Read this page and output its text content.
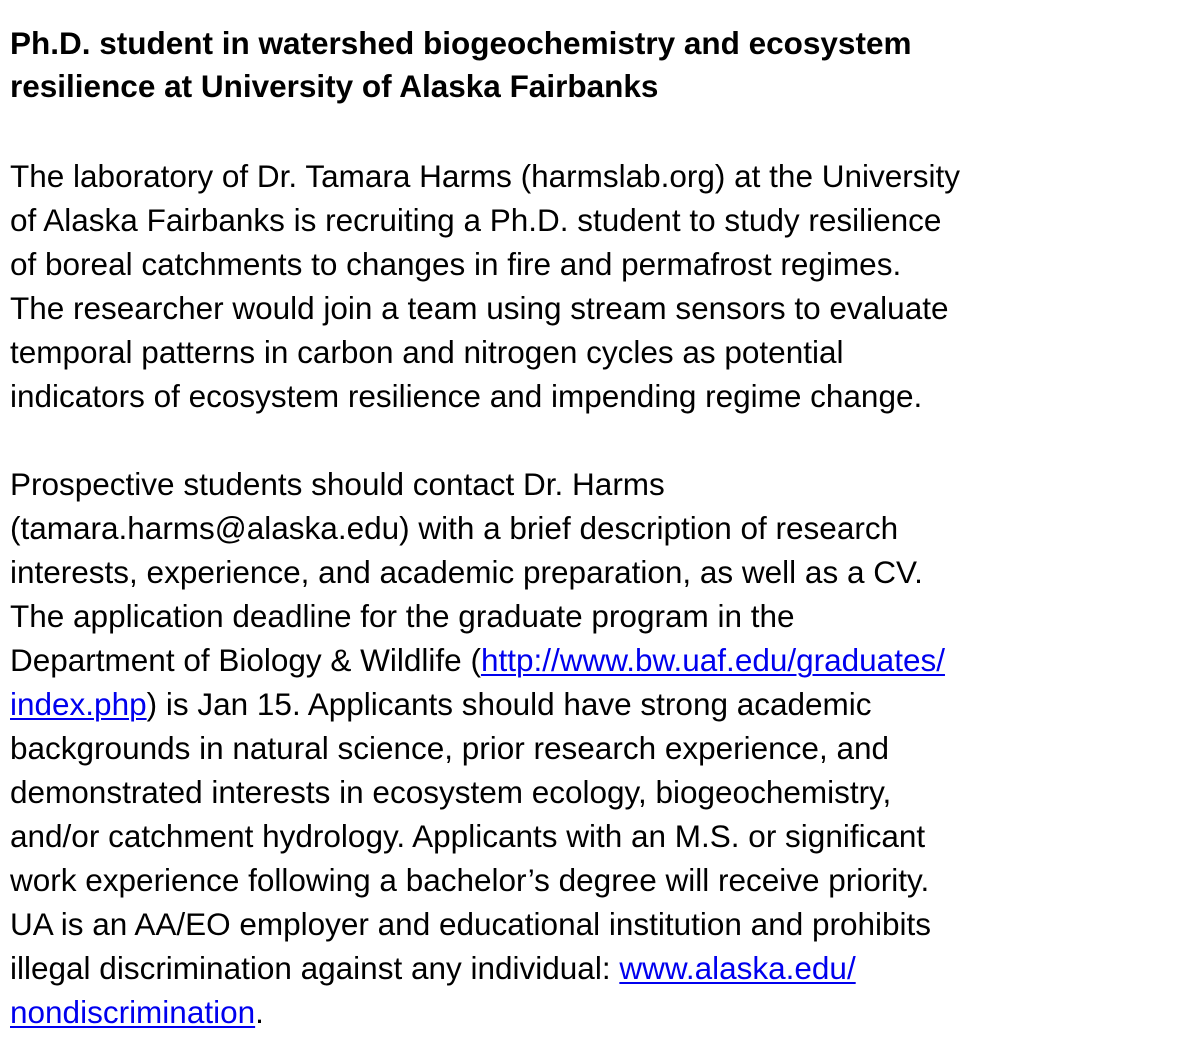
Ph.D. student in watershed biogeochemistry and ecosystem
resilience at University of Alaska Fairbanks

The laboratory of Dr. Tamara Harms (harmslab.org) at the University
of Alaska Fairbanks is recruiting a Ph.D. student to study resilience
of boreal catchments to changes in fire and permafrost regimes.
The researcher would join a team using stream sensors to evaluate
temporal patterns in carbon and nitrogen cycles as potential
indicators of ecosystem resilience and impending regime change.

Prospective students should contact Dr. Harms
(tamara.harms@alaska.edu) with a brief description of research
interests, experience, and academic preparation, as well as a CV.
The application deadline for the graduate program in the
Department of Biology & Wildlife (http://www.bw.uaf.edu/graduates/
index.php) is Jan 15. Applicants should have strong academic
backgrounds in natural science, prior research experience, and
demonstrated interests in ecosystem ecology, biogeochemistry,
and/or catchment hydrology. Applicants with an M.S. or significant
work experience following a bachelor’s degree will receive priority.
UA is an AA/EO employer and educational institution and prohibits
illegal discrimination against any individual: www.alaska.edu/
nondiscrimination.
